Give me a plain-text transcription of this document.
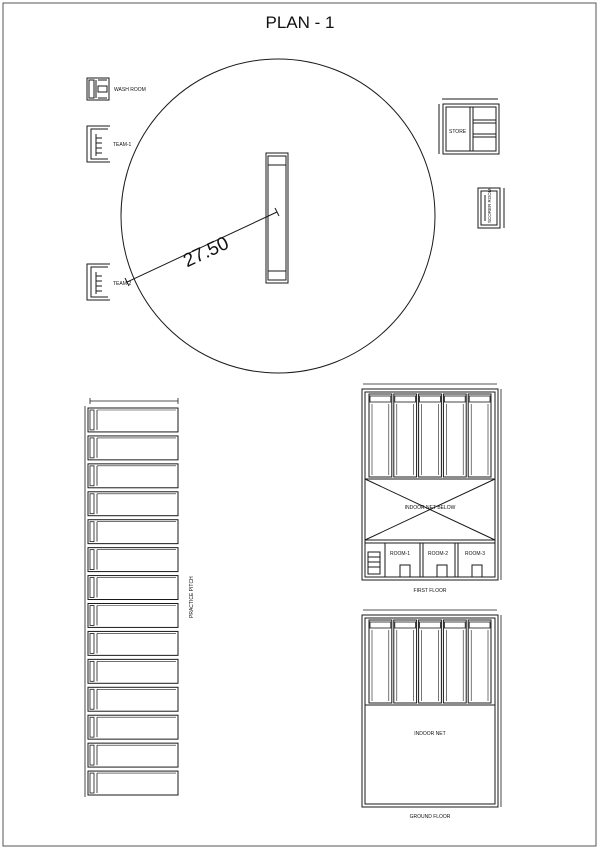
PLAN - 1
27.50
WASH ROOM
TEAM-1
TEAM-2
STORE
SCORER ROOM
PRACTICE PITCH
INDOOR NET BELOW
ROOM-1	ROOM-2	ROOM-3
FIRST FLOOR
INDOOR NET
GROUND FLOOR
